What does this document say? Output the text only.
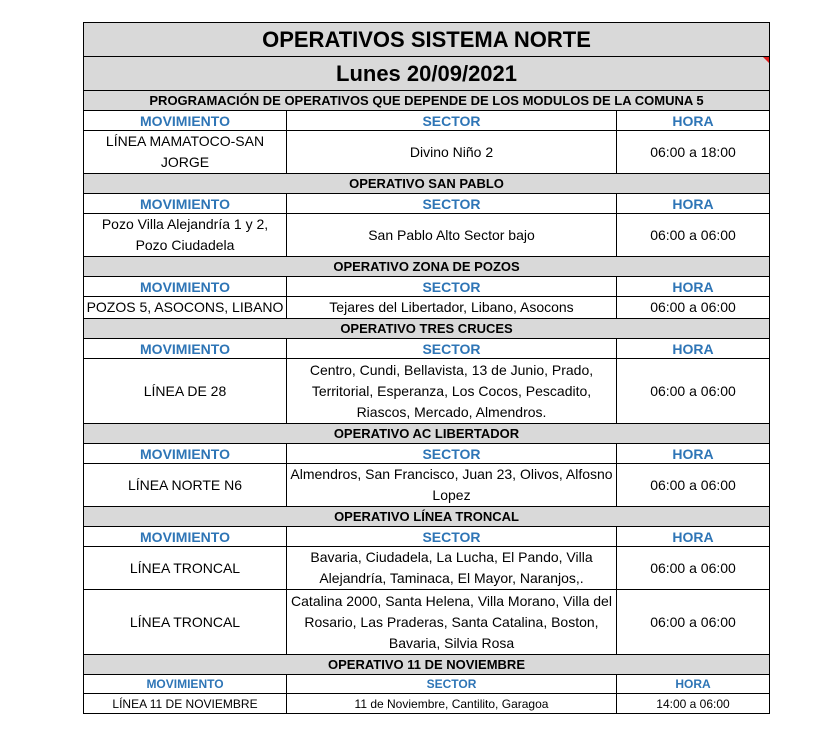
OPERATIVOS SISTEMA NORTE		
Lunes 20/09/2021		

PROGRAMACIÓN DE OPERATIVOS QUE DEPENDE DE LOS MODULOS DE LA COMUNA 5		
MOVIMIENTO	SECTOR	HORA
LÍNEA MAMATOCO-SAN JORGE	Divino Niño 2	06:00 a 18:00
OPERATIVO SAN PABLO		
MOVIMIENTO	SECTOR	HORA
Pozo Villa Alejandría 1 y 2, Pozo Ciudadela	San Pablo Alto Sector bajo	06:00 a 06:00
OPERATIVO ZONA DE POZOS		
MOVIMIENTO	SECTOR	HORA
POZOS 5, ASOCONS, LIBANO	Tejares del Libertador, Libano, Asocons	06:00 a 06:00
OPERATIVO TRES CRUCES		
MOVIMIENTO	SECTOR	HORA
LÍNEA DE 28	Centro, Cundi, Bellavista, 13 de Junio, Prado, Territorial, Esperanza, Los Cocos, Pescadito, Riascos, Mercado, Almendros.	06:00 a 06:00
OPERATIVO AC LIBERTADOR		
MOVIMIENTO	SECTOR	HORA
LÍNEA NORTE N6	Almendros, San Francisco, Juan 23, Olivos, Alfosno Lopez	06:00 a 06:00
OPERATIVO LÍNEA TRONCAL		
MOVIMIENTO	SECTOR	HORA
LÍNEA TRONCAL	Bavaria, Ciudadela, La Lucha, El Pando, Villa Alejandría, Taminaca, El Mayor, Naranjos,.	06:00 a 06:00
LÍNEA TRONCAL	Catalina 2000, Santa Helena, Villa Morano, Villa del Rosario, Las Praderas, Santa Catalina, Boston, Bavaria, Silvia Rosa	06:00 a 06:00
OPERATIVO 11 DE NOVIEMBRE		
MOVIMIENTO	SECTOR	HORA
LÍNEA 11 DE NOVIEMBRE	11 de Noviembre, Cantilito, Garagoa	14:00 a 06:00
